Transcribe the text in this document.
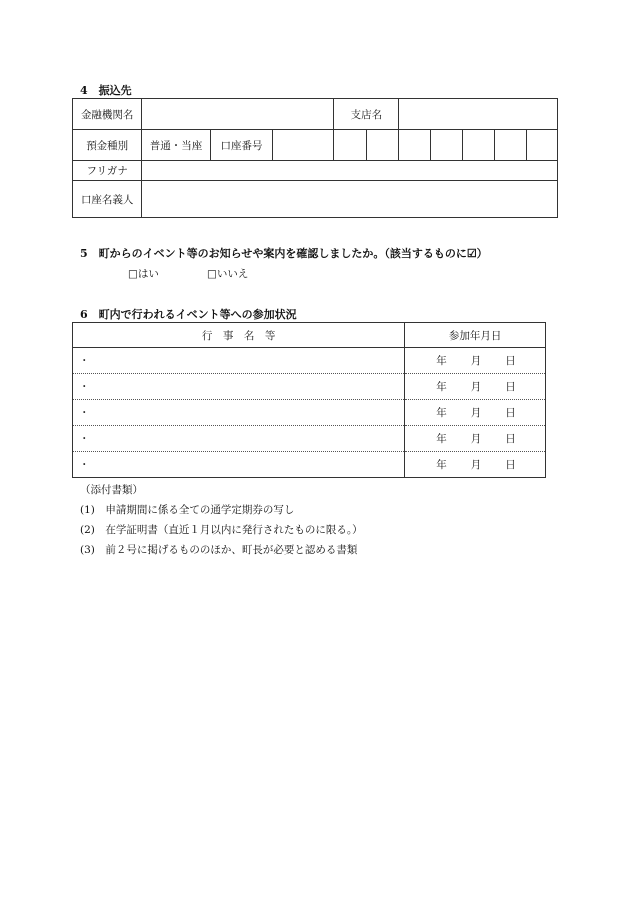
4　振込先
金融機関名				支店名						
預金種別	普通・当座	口座番号								
フリガナ										
口座名義人										
5　町からのイベント等のお知らせや案内を確認しましたか。（該当するものに☑）
□はい	□いいえ
6　町内で行われるイベント等への参加状況
行　事　名　等	参加年月日
・	年 月 日
・	年 月 日
・	年 月 日
・	年 月 日
・	年 月 日
（添付書類）
(1)　申請期間に係る全ての通学定期券の写し
(2)　在学証明書（直近１月以内に発行されたものに限る。）
(3)　前２号に掲げるもののほか、町長が必要と認める書類
